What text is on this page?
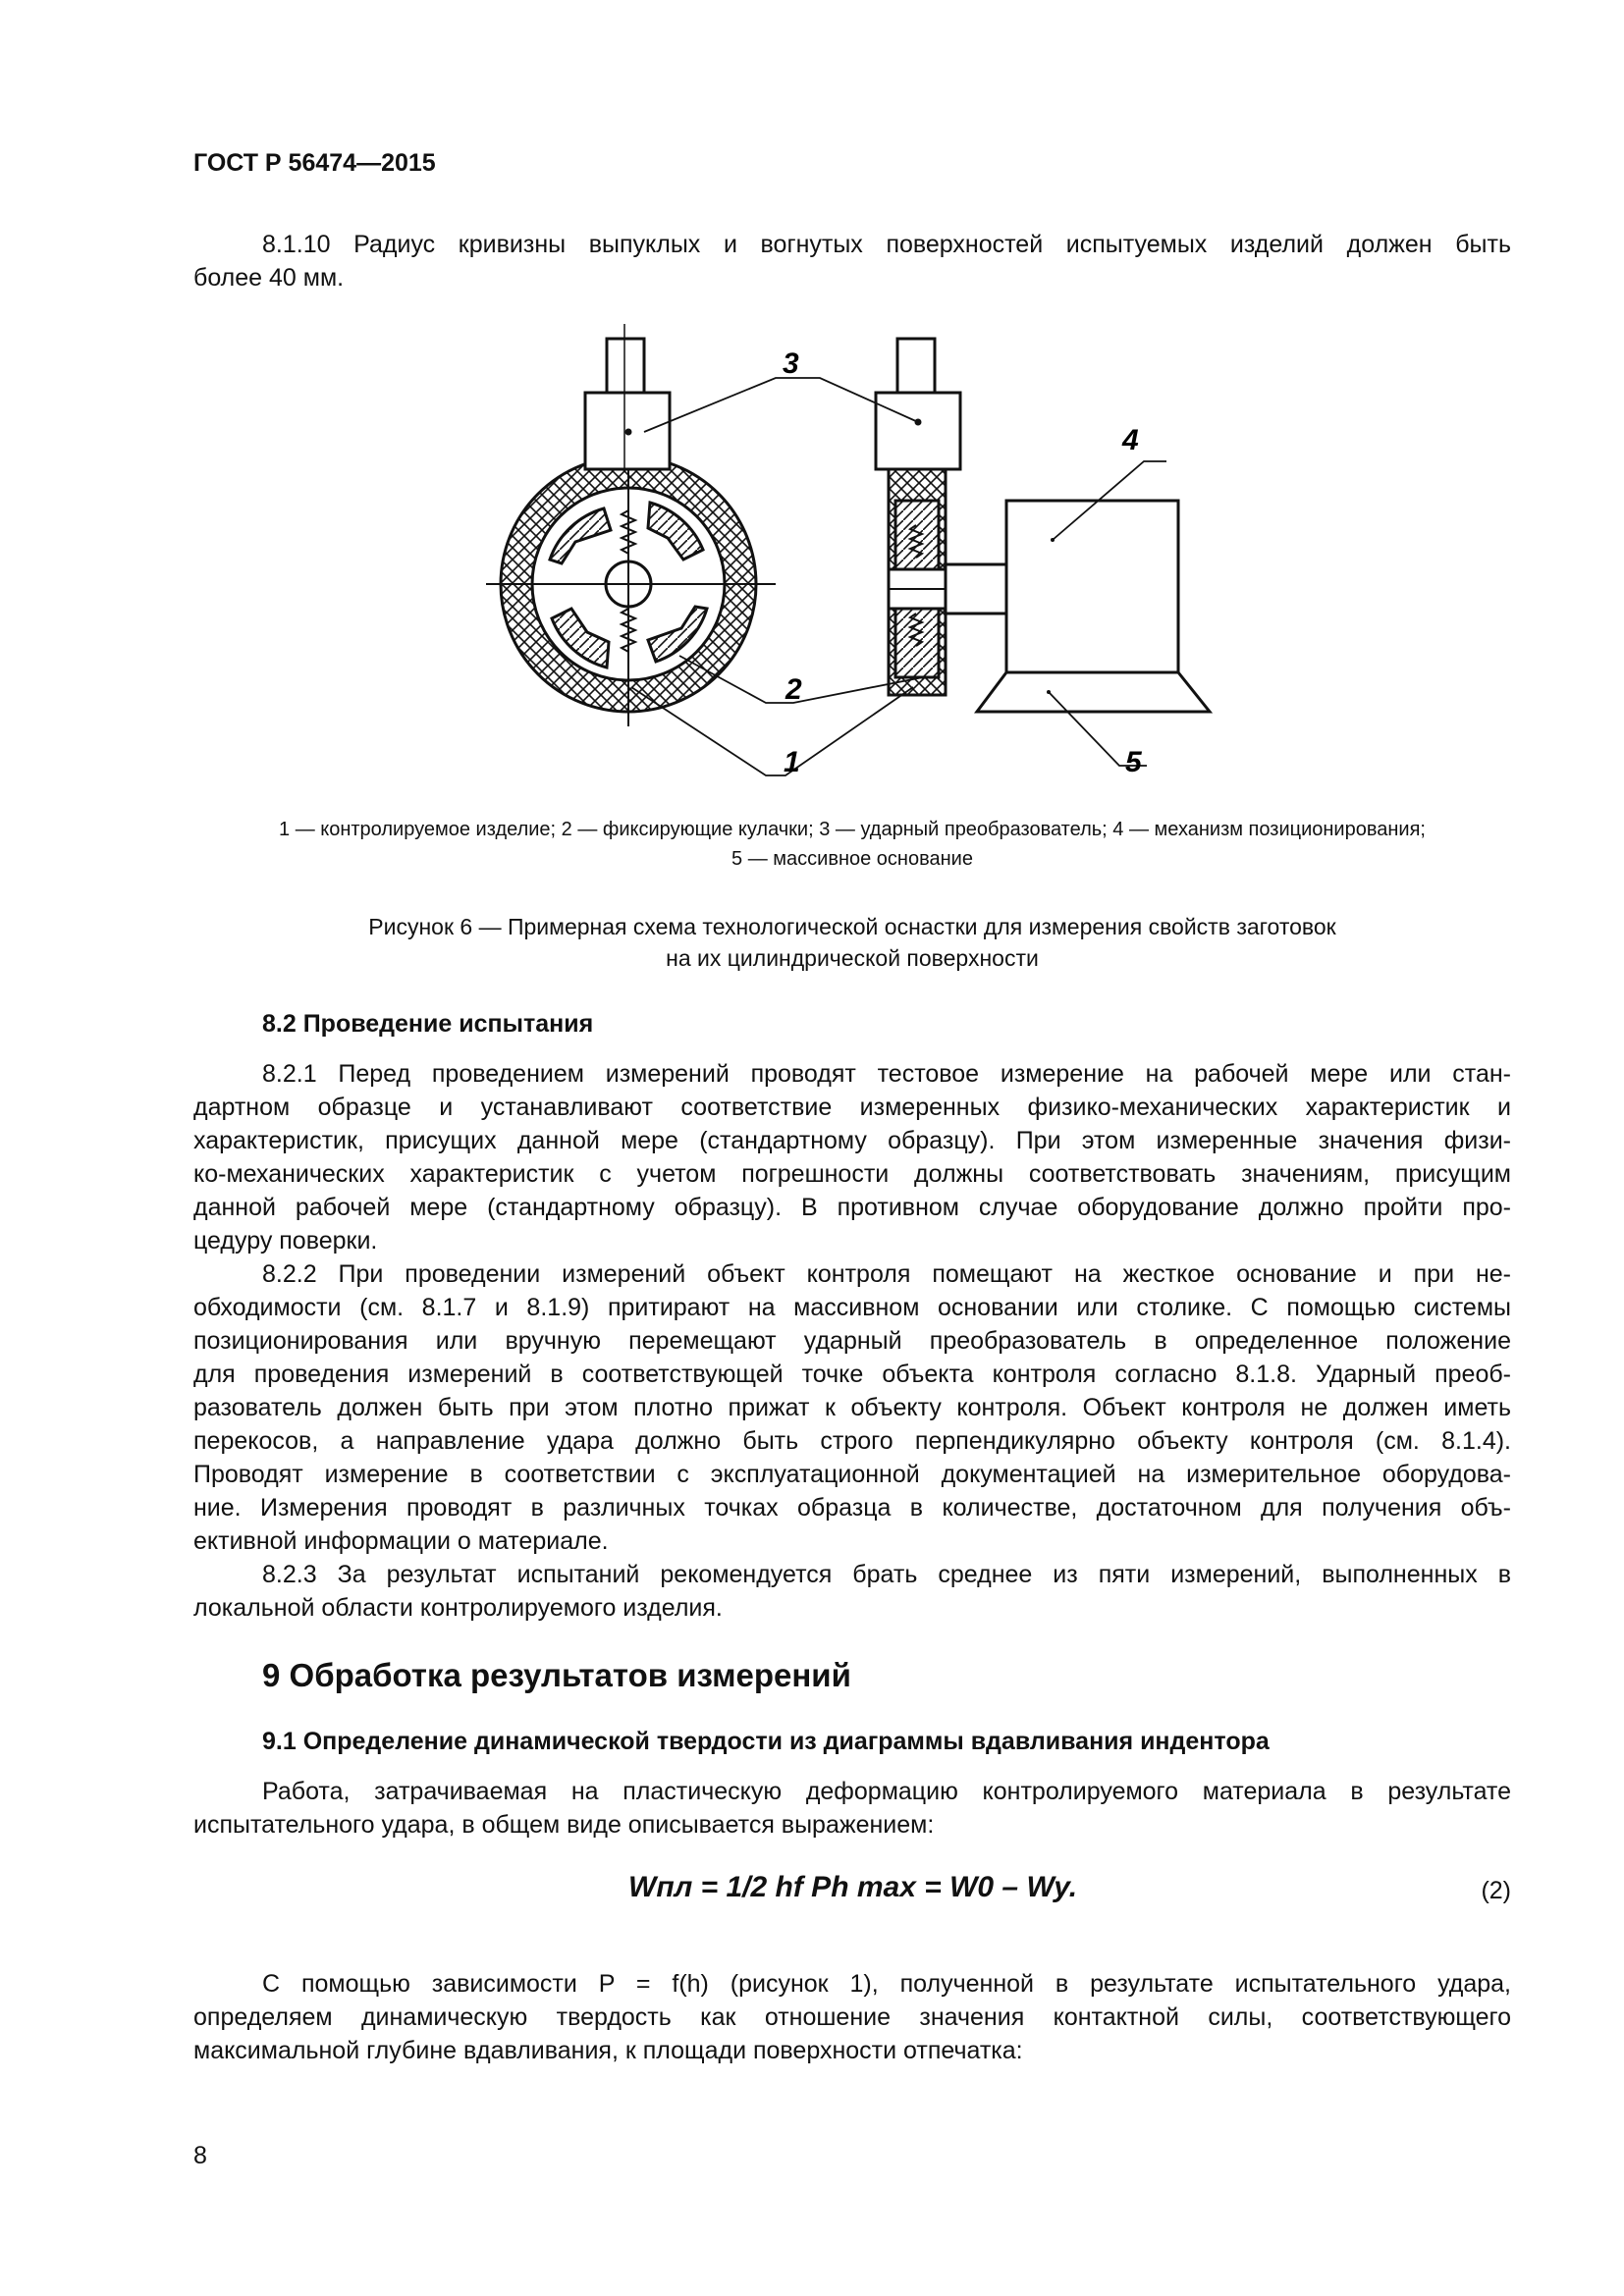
ГОСТ Р 56474—2015
8.1.10 Радиус кривизны выпуклых и вогнутых поверхностей испытуемых изделий должен быть
более 40 мм.
3
4
2
1	5
1 — контролируемое изделие; 2 — фиксирующие кулачки; 3 — ударный преобразователь; 4 — механизм позиционирования;
5 — массивное основание
Рисунок 6 — Примерная схема технологической оснастки для измерения свойств заготовок
на их цилиндрической поверхности
8.2 Проведение испытания
8.2.1 Перед проведением измерений проводят тестовое измерение на рабочей мере или стан-
дартном образце и устанавливают соответствие измеренных физико-механических характеристик и
характеристик, присущих данной мере (стандартному образцу). При этом измеренные значения физи-
ко-механических характеристик с учетом погрешности должны соответствовать значениям, присущим
данной рабочей мере (стандартному образцу). В противном случае оборудование должно пройти про-
цедуру поверки.
8.2.2 При проведении измерений объект контроля помещают на жесткое основание и при не-
обходимости (см. 8.1.7 и 8.1.9) притирают на массивном основании или столике. С помощью системы
позиционирования или вручную перемещают ударный преобразователь в определенное положение
для проведения измерений в соответствующей точке объекта контроля согласно 8.1.8. Ударный преоб-
разователь должен быть при этом плотно прижат к объекту контроля. Объект контроля не должен иметь
перекосов, а направление удара должно быть строго перпендикулярно объекту контроля (см. 8.1.4).
Проводят измерение в соответствии с эксплуатационной документацией на измерительное оборудова-
ние. Измерения проводят в различных точках образца в количестве, достаточном для получения объ-
ективной информации о материале.
8.2.3 За результат испытаний рекомендуется брать среднее из пяти измерений, выполненных в
локальной области контролируемого изделия.
9 Обработка результатов измерений
9.1 Определение динамической твердости из диаграммы вдавливания индентора
Работа, затрачиваемая на пластическую деформацию контролируемого материала в результате
испытательного удара, в общем виде описывается выражением:
Wпл = 1/2 hf Ph max = W0 – Wy.	(2)
С помощью зависимости P = f(h) (рисунок 1), полученной в результате испытательного удара,
определяем динамическую твердость как отношение значения контактной силы, соответствующего
максимальной глубине вдавливания, к площади поверхности отпечатка:
8
